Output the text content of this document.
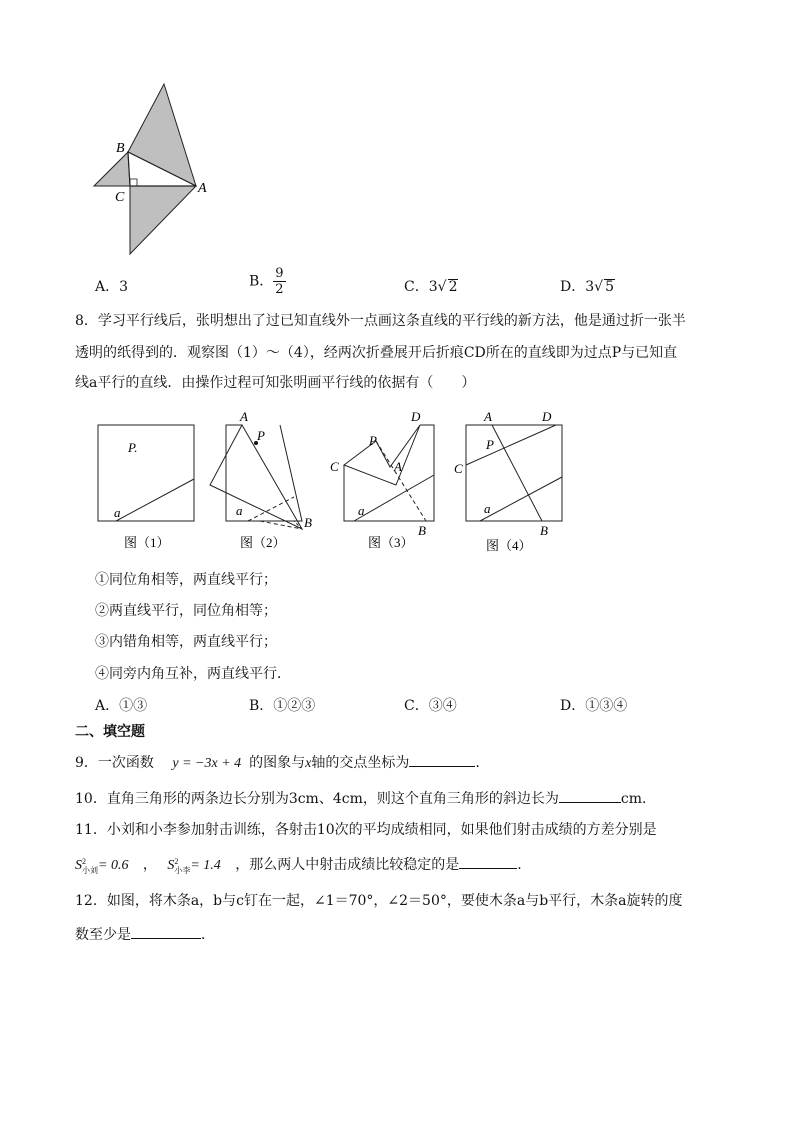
B
C
A
A．3	B． $\frac{9}{2}$	C．3√ 2	D．3√ 5
8．学习平行线后，张明想出了过已知直线外一点画这条直线的平行线的新方法，他是通过折一张半
透明的纸得到的．观察图（1）～（4），经两次折叠展开后折痕CD所在的直线即为过点P与已知直
线a平行的直线．由操作过程可知张明画平行线的依据有（　　）
P.
a
图（1）
A
P
a
B
图（2）
D
P
C	A
a
B
图（3）
A	D
P
C
a
B
图（4）
①同位角相等，两直线平行；
②两直线平行，同位角相等；
③内错角相等，两直线平行；
④同旁内角互补，两直线平行．
A．①③	B．①②③	C．③④	D．①③④
二、填空题
9．一次函数 y = −3x + 4 的图象与x轴的交点坐标为	.
10．直角三角形的两条边长分别为3cm、4cm，则这个直角三角形的斜边长为	cm.
11．小刘和小李参加射击训练，各射击10次的平均成绩相同，如果他们射击成绩的方差分别是
S 2
小刘 = 0.6 ， S 2
小李 = 1.4 ，那么两人中射击成绩比较稳定的是	.
12．如图，将木条a，b与c钉在一起，∠1＝70°，∠2＝50°，要使木条a与b平行，木条a旋转的度
数至少是	．
